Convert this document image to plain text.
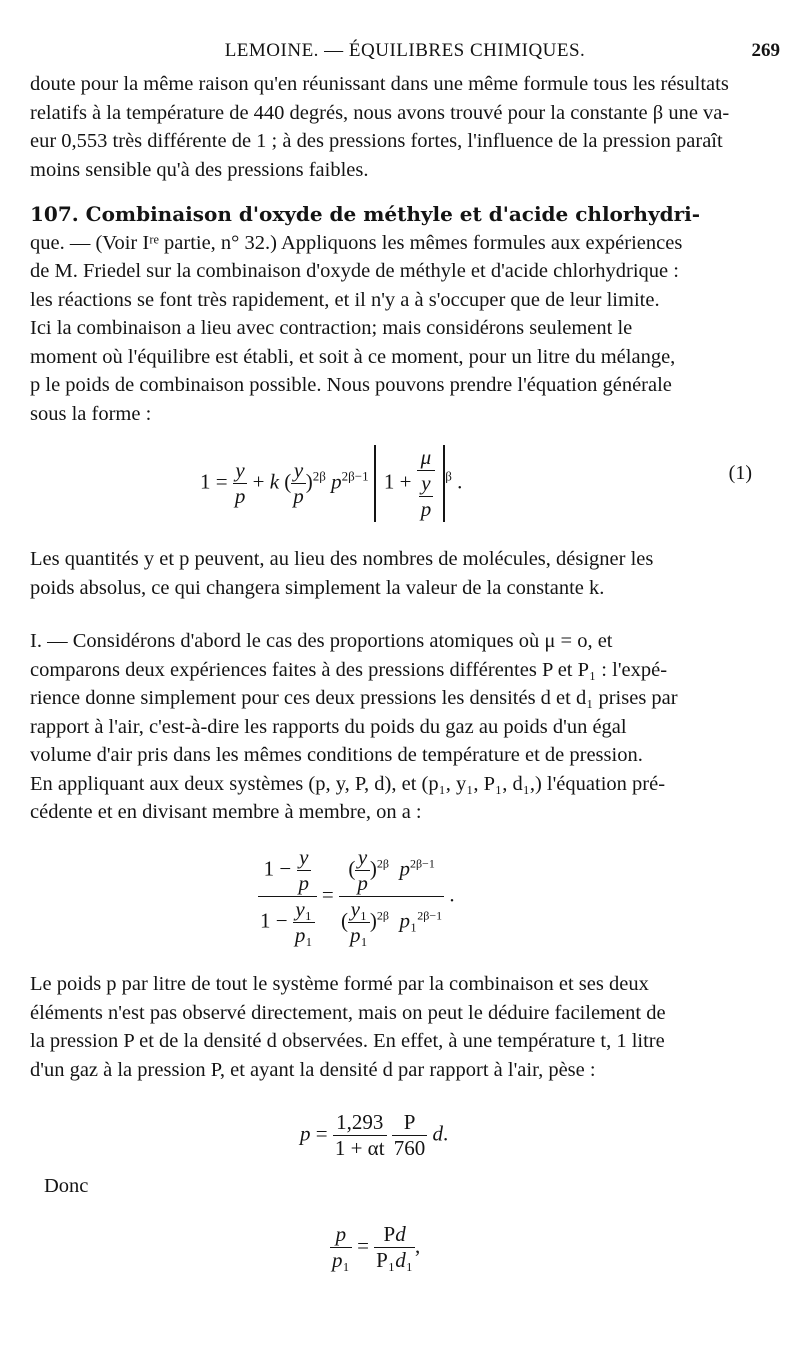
LEMOINE. — ÉQUILIBRES CHIMIQUES.	269

doute pour la même raison qu'en réunissant dans une même formule tous les résultats
relatifs à la température de 440 degrés, nous avons trouvé pour la constante β une va-
eur 0,553 très différente de 1 ; à des pressions fortes, l'influence de la pression paraît
moins sensible qu'à des pressions faibles.

107. Combinaison d'oxyde de méthyle et d'acide chlorhydri-
que. — (Voir Iʳᵉ partie, n° 32.) Appliquons les mêmes formules aux expériences
de M. Friedel sur la combinaison d'oxyde de méthyle et d'acide chlorhydrique :
les réactions se font très rapidement, et il n'y a à s'occuper que de leur limite.
Ici la combinaison a lieu avec contraction; mais considérons seulement le
moment où l'équilibre est établi, et soit à ce moment, pour un litre du mélange,
p le poids de combinaison possible. Nous pouvons prendre l'équation générale
sous la forme :

$1 = \frac{y}{p} + k$ ( $\frac{y}{p} )^{2\beta}$ $p^{2\beta-1}$ $1 + \frac{\mu}{\frac{y}{p}} ^\beta$ .	(1)

Les quantités y et p peuvent, au lieu des nombres de molécules, désigner les
poids absolus, ce qui changera simplement la valeur de la constante k.

I. — Considérons d'abord le cas des proportions atomiques où μ = o, et
comparons deux expériences faites à des pressions différentes P et P₁ : l'expé-
rience donne simplement pour ces deux pressions les densités d et d₁ prises par
rapport à l'air, c'est-à-dire les rapports du poids du gaz au poids d'un égal
volume d'air pris dans les mêmes conditions de température et de pression.
En appliquant aux deux systèmes (p, y, P, d), et (p₁, y₁, P₁, d₁,) l'équation pré-
cédente et en divisant membre à membre, on a :

$\frac{1 - \frac{y}{p}}{1 - \frac{\text{y₁}}{\text{p₁}}} = \frac{( \frac{y}{p} )^{2\beta} p^{2\beta-1}}{( \frac{\text{y₁}}{\text{p₁}} )^{2\beta} p_1^{2\beta-1}}$ .

Le poids p par litre de tout le système formé par la combinaison et ses deux
éléments n'est pas observé directement, mais on peut le déduire facilement de
la pression P et de la densité d observées. En effet, à une température t, 1 litre
d'un gaz à la pression P, et ayant la densité d par rapport à l'air, pèse :

$p = \frac{1,293}{1 + \alpha t}$
$\frac{P}{760} d$.
Donc
$\frac{p}{\text{p₁}} = \frac{Pd}{\text{P₁d₁}}$ ,
